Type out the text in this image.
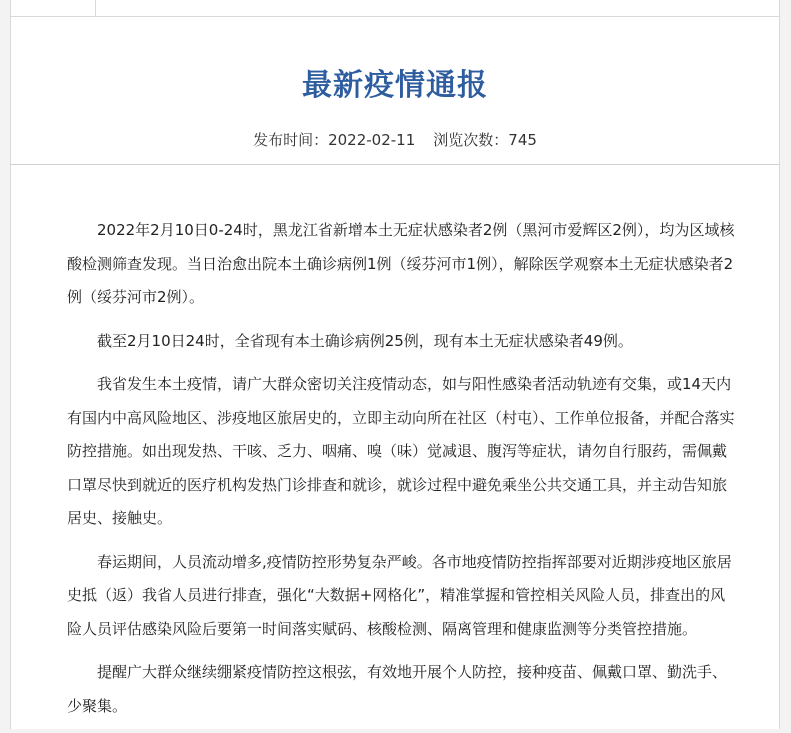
最新疫情通报
发布时间：2022-02-11 浏览次数：745

2022年2月10日0-24时，黑龙江省新增本土无症状感染者2例（黑河市爱辉区2例），均为区域核酸检测筛查发现。当日治愈出院本土确诊病例1例（绥芬河市1例），解除医学观察本土无症状感染者2例（绥芬河市2例）。

截至2月10日24时，全省现有本土确诊病例25例，现有本土无症状感染者49例。

我省发生本土疫情，请广大群众密切关注疫情动态，如与阳性感染者活动轨迹有交集，或14天内有国内中高风险地区、涉疫地区旅居史的，立即主动向所在社区（村屯）、工作单位报备，并配合落实防控措施。如出现发热、干咳、乏力、咽痛、嗅（味）觉减退、腹泻等症状，请勿自行服药，需佩戴口罩尽快到就近的医疗机构发热门诊排查和就诊，就诊过程中避免乘坐公共交通工具，并主动告知旅居史、接触史。

春运期间，人员流动增多,疫情防控形势复杂严峻。各市地疫情防控指挥部要对近期涉疫地区旅居史抵（返）我省人员进行排查，强化“大数据+网格化”，精准掌握和管控相关风险人员，排查出的风险人员评估感染风险后要第一时间落实赋码、核酸检测、隔离管理和健康监测等分类管控措施。

提醒广大群众继续绷紧疫情防控这根弦，有效地开展个人防控，接种疫苗、佩戴口罩、勤洗手、少聚集。
